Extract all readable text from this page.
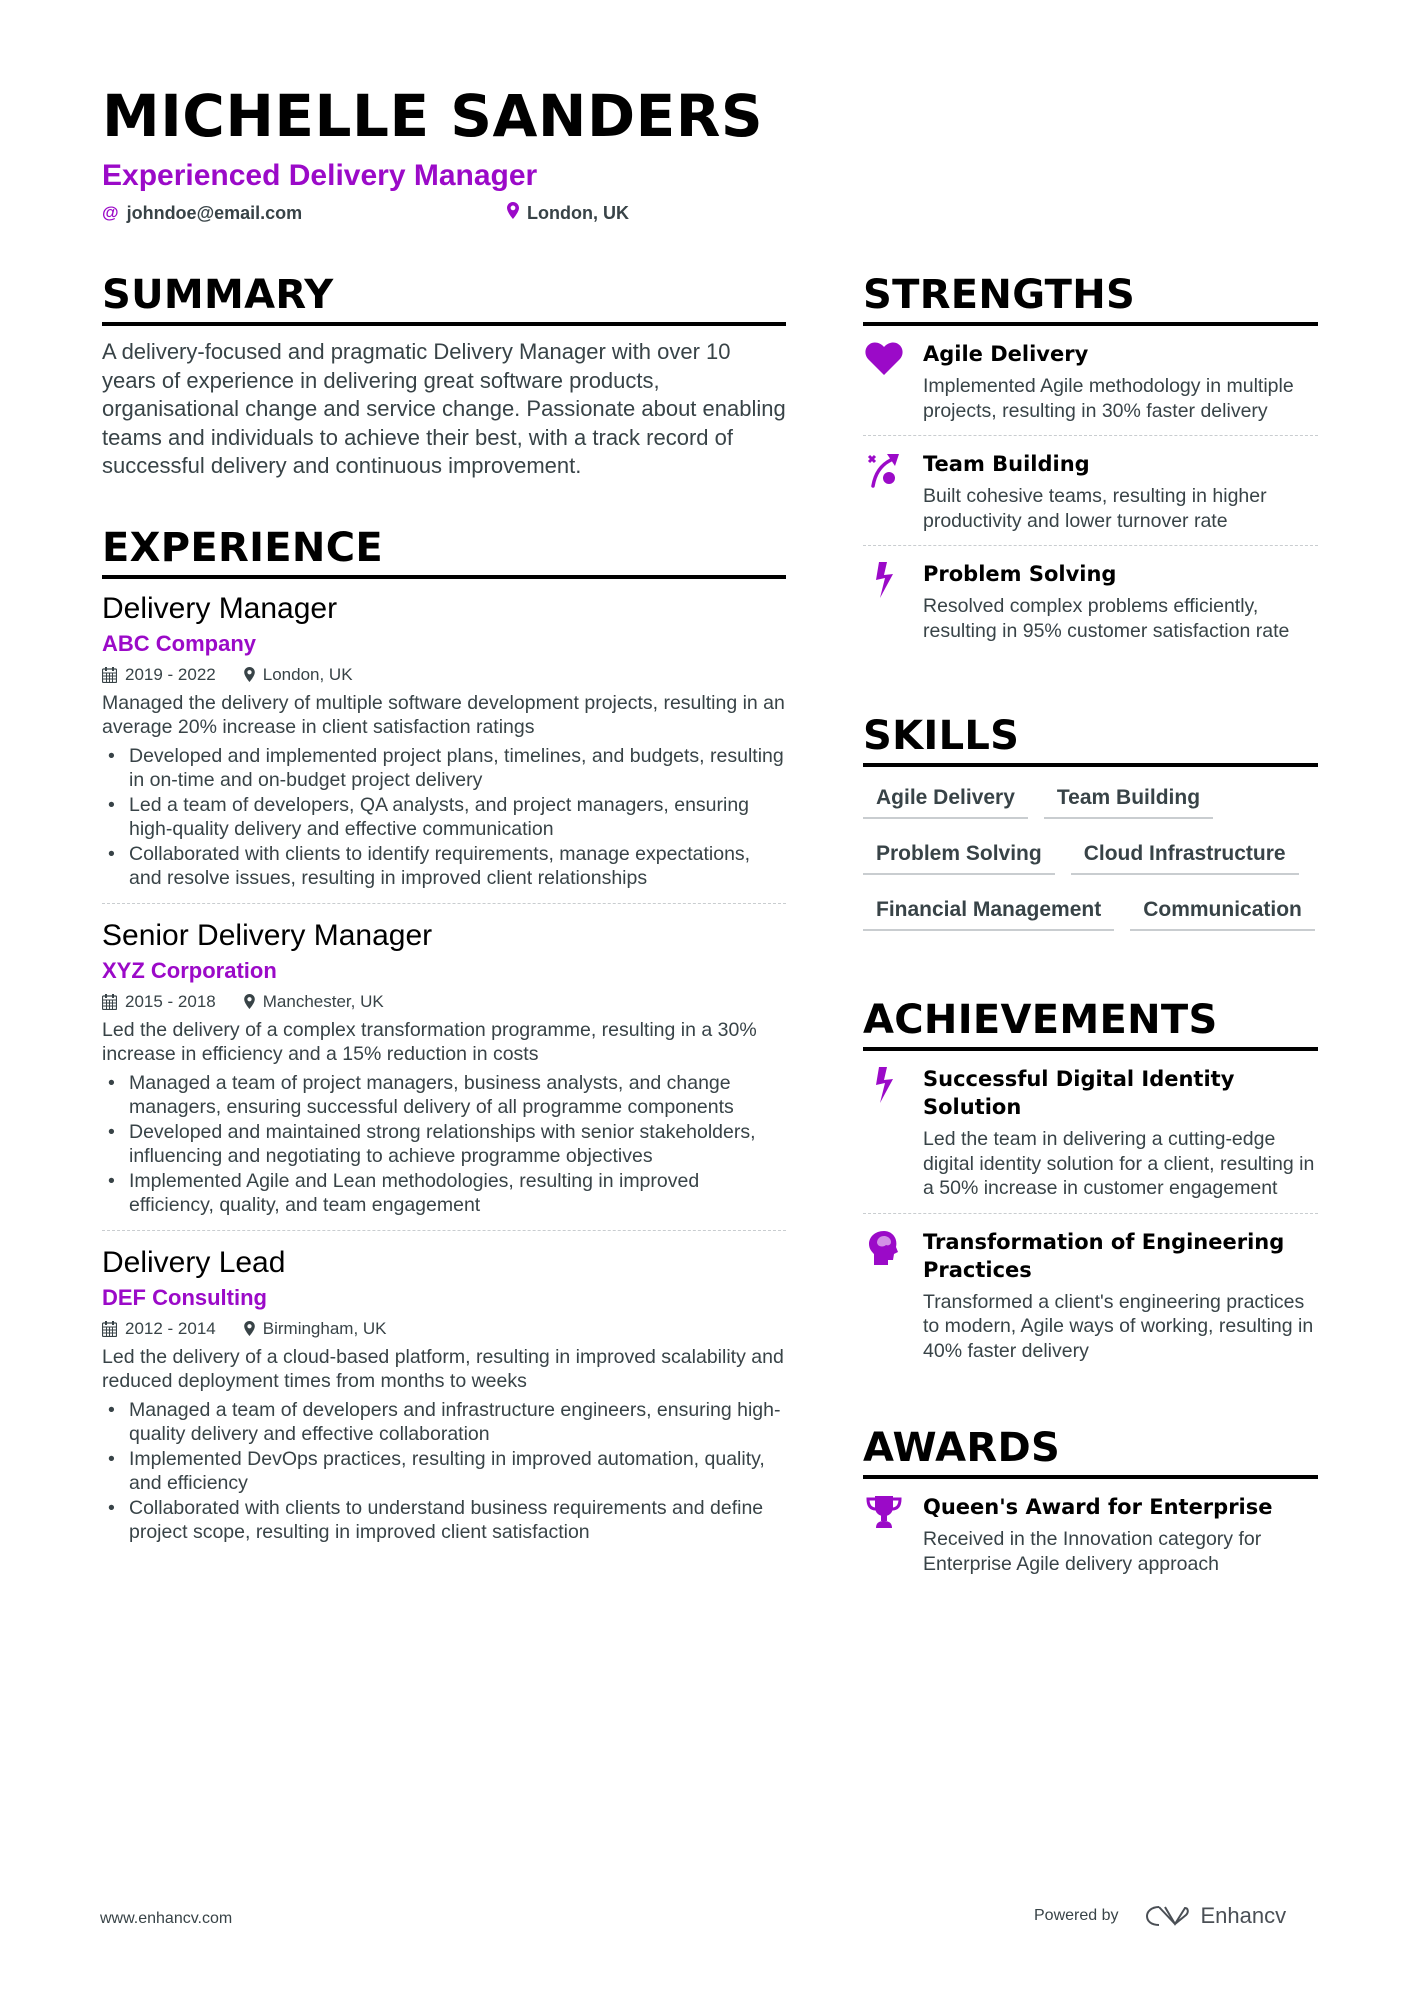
MICHELLE SANDERS
Experienced Delivery Manager
@ johndoe@email.com	London, UK
SUMMARY

A delivery-focused and pragmatic Delivery Manager with over 10 years of experience in delivering great software products, organisational change and service change. Passionate about enabling teams and individuals to achieve their best, with a track record of successful delivery and continuous improvement.

EXPERIENCE
Delivery Manager
ABC Company
2019 - 2022	London, UK
Managed the delivery of multiple software development projects, resulting in an average 20% increase in client satisfaction ratings
• Developed and implemented project plans, timelines, and budgets, resulting in on-time and on-budget project delivery
• Led a team of developers, QA analysts, and project managers, ensuring high-quality delivery and effective communication
• Collaborated with clients to identify requirements, manage expectations, and resolve issues, resulting in improved client relationships
Senior Delivery Manager
XYZ Corporation
2015 - 2018	Manchester, UK
Led the delivery of a complex transformation programme, resulting in a 30% increase in efficiency and a 15% reduction in costs
• Managed a team of project managers, business analysts, and change managers, ensuring successful delivery of all programme components
• Developed and maintained strong relationships with senior stakeholders, influencing and negotiating to achieve programme objectives
• Implemented Agile and Lean methodologies, resulting in improved efficiency, quality, and team engagement
Delivery Lead
DEF Consulting
2012 - 2014	Birmingham, UK
Led the delivery of a cloud-based platform, resulting in improved scalability and reduced deployment times from months to weeks
• Managed a team of developers and infrastructure engineers, ensuring high-quality delivery and effective collaboration
• Implemented DevOps practices, resulting in improved automation, quality, and efficiency
• Collaborated with clients to understand business requirements and define project scope, resulting in improved client satisfaction
STRENGTHS
Agile Delivery
Implemented Agile methodology in multiple projects, resulting in 30% faster delivery
Team Building
Built cohesive teams, resulting in higher productivity and lower turnover rate
Problem Solving
Resolved complex problems efficiently, resulting in 95% customer satisfaction rate
SKILLS
Agile Delivery	Team Building
Problem Solving	Cloud Infrastructure
Financial Management	Communication
ACHIEVEMENTS
Successful Digital Identity Solution
Led the team in delivering a cutting-edge digital identity solution for a client, resulting in a 50% increase in customer engagement
Transformation of Engineering Practices
Transformed a client's engineering practices to modern, Agile ways of working, resulting in 40% faster delivery
AWARDS
Queen's Award for Enterprise
Received in the Innovation category for Enterprise Agile delivery approach
www.enhancv.com	Powered by	Enhancv
